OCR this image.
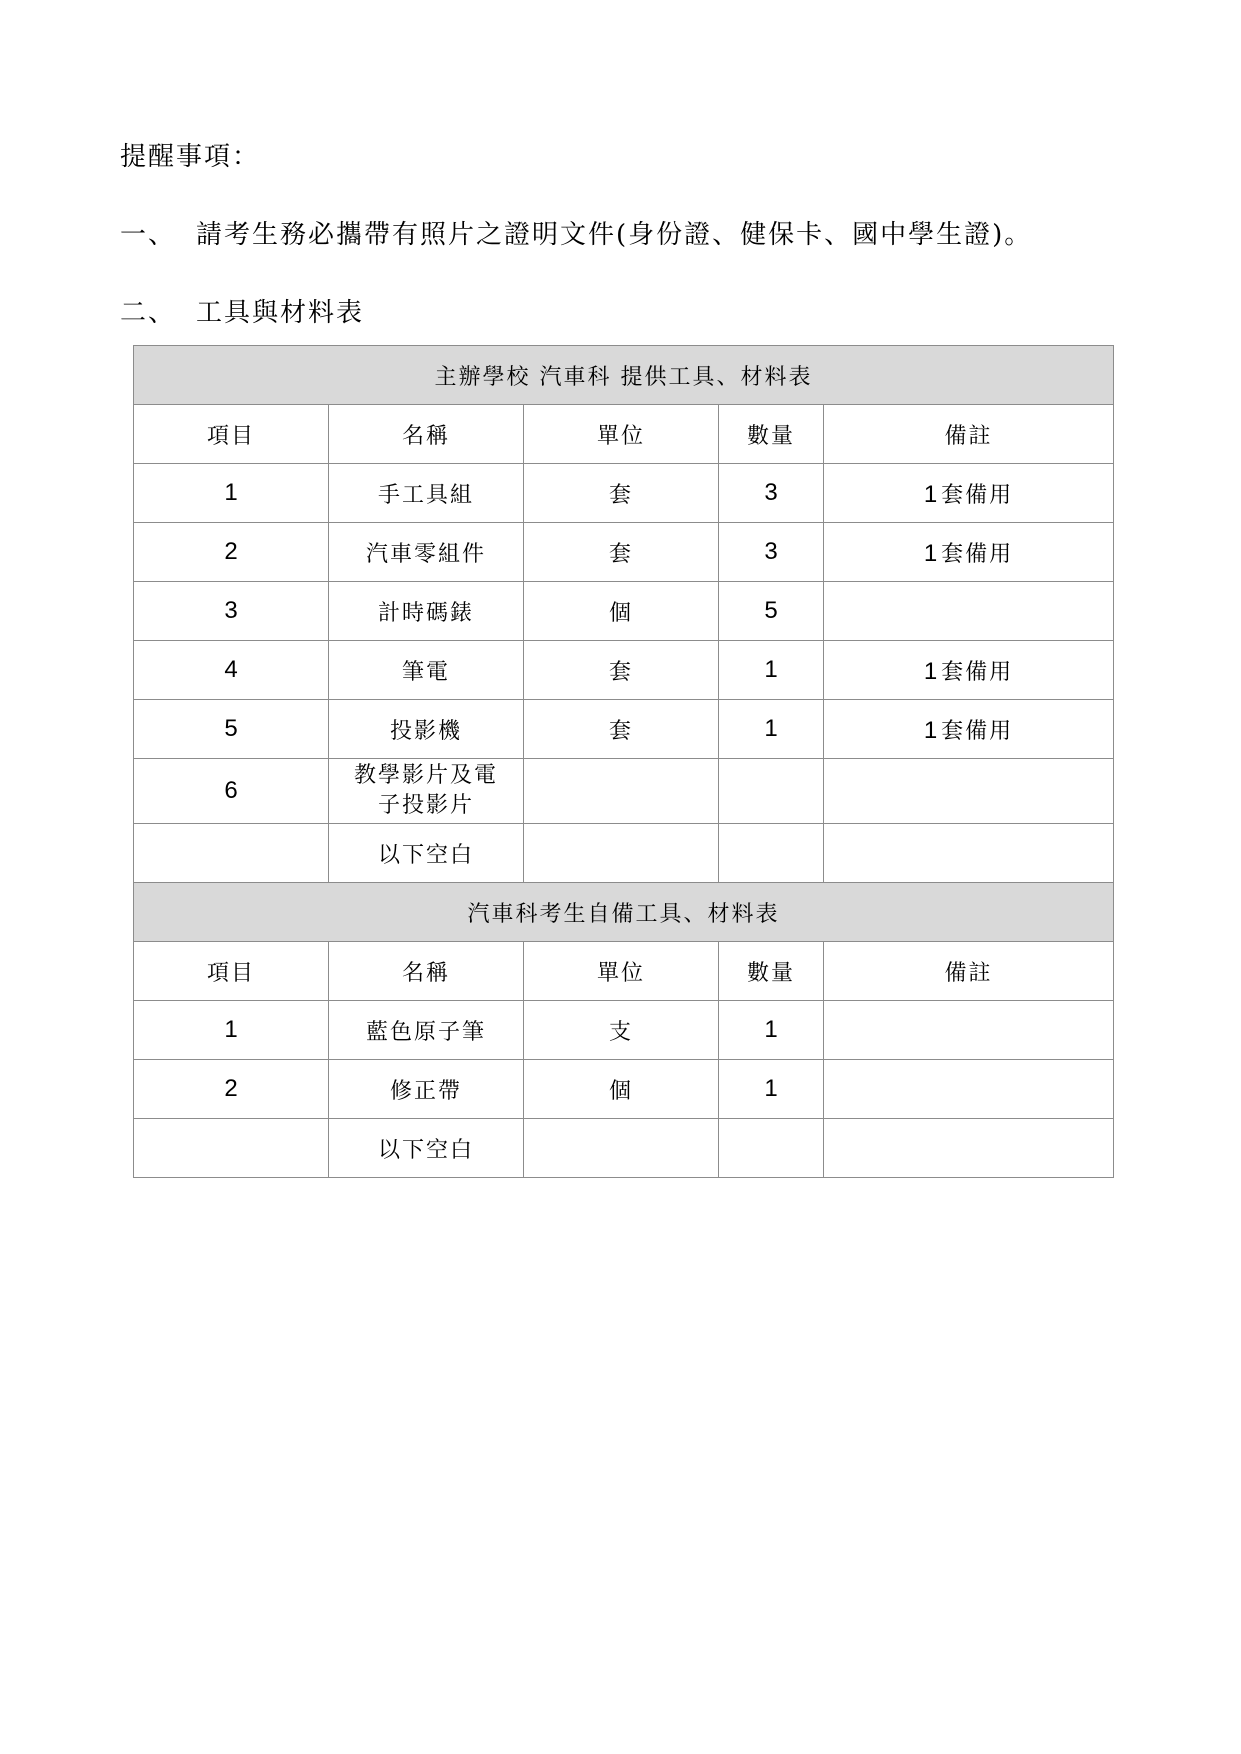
提醒事項：
一、 請考生務必攜帶有照片之證明文件(身份證、健保卡、國中學生證)。
二、 工具與材料表
主辦學校 汽車科 提供工具、材料表				
項目	名稱	單位	數量	備註
1	手工具組	套	3	1 套備用
2	汽車零組件	套	3	1 套備用
3	計時碼錶	個	5	
4	筆電	套	1	1 套備用
5	投影機	套	1	1 套備用
6	教學影片及電子投影片			
	以下空白			
汽車科考生自備工具、材料表				
項目	名稱	單位	數量	備註
1	藍色原子筆	支	1	
2	修正帶	個	1	
	以下空白			
